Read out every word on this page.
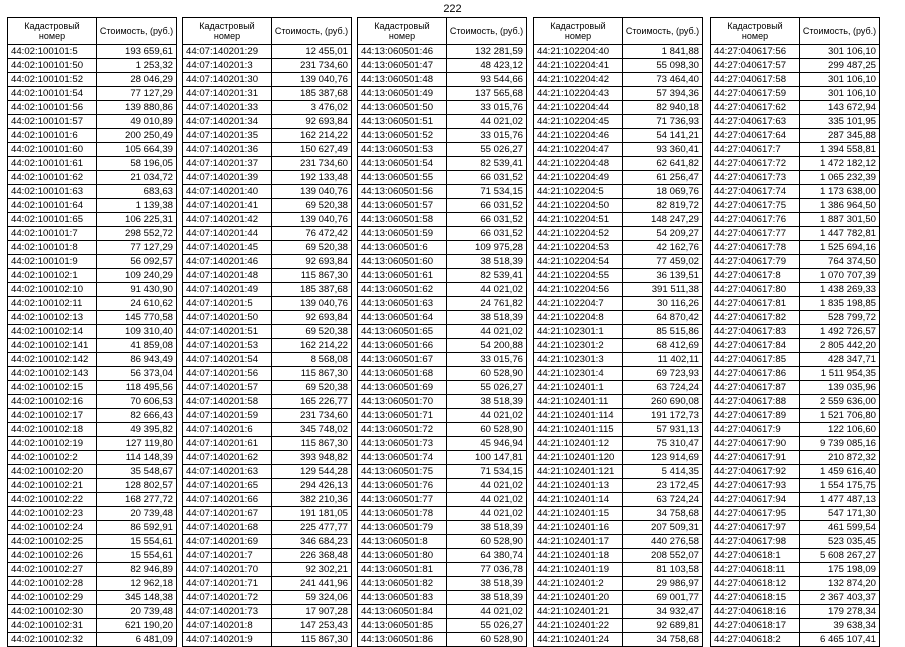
222
Кадастровый номер	Стоимость, (руб.)
44:02:100101:5	193 659,61
44:02:100101:50	1 253,32
44:02:100101:52	28 046,29
44:02:100101:54	77 127,29
44:02:100101:56	139 880,86
44:02:100101:57	49 010,89
44:02:100101:6	200 250,49
44:02:100101:60	105 664,39
44:02:100101:61	58 196,05
44:02:100101:62	21 034,72
44:02:100101:63	683,63
44:02:100101:64	1 139,38
44:02:100101:65	106 225,31
44:02:100101:7	298 552,72
44:02:100101:8	77 127,29
44:02:100101:9	56 092,57
44:02:100102:1	109 240,29
44:02:100102:10	91 430,90
44:02:100102:11	24 610,62
44:02:100102:13	145 770,58
44:02:100102:14	109 310,40
44:02:100102:141	41 859,08
44:02:100102:142	86 943,49
44:02:100102:143	56 373,04
44:02:100102:15	118 495,56
44:02:100102:16	70 606,53
44:02:100102:17	82 666,43
44:02:100102:18	49 395,82
44:02:100102:19	127 119,80
44:02:100102:2	114 148,39
44:02:100102:20	35 548,67
44:02:100102:21	128 802,57
44:02:100102:22	168 277,72
44:02:100102:23	20 739,48
44:02:100102:24	86 592,91
44:02:100102:25	15 554,61
44:02:100102:26	15 554,61
44:02:100102:27	82 946,89
44:02:100102:28	12 962,18
44:02:100102:29	345 148,38
44:02:100102:30	20 739,48
44:02:100102:31	621 190,20
44:02:100102:32	6 481,09
Кадастровый номер	Стоимость, (руб.)
44:07:140201:29	12 455,01
44:07:140201:3	231 734,60
44:07:140201:30	139 040,76
44:07:140201:31	185 387,68
44:07:140201:33	3 476,02
44:07:140201:34	92 693,84
44:07:140201:35	162 214,22
44:07:140201:36	150 627,49
44:07:140201:37	231 734,60
44:07:140201:39	192 133,48
44:07:140201:40	139 040,76
44:07:140201:41	69 520,38
44:07:140201:42	139 040,76
44:07:140201:44	76 472,42
44:07:140201:45	69 520,38
44:07:140201:46	92 693,84
44:07:140201:48	115 867,30
44:07:140201:49	185 387,68
44:07:140201:5	139 040,76
44:07:140201:50	92 693,84
44:07:140201:51	69 520,38
44:07:140201:53	162 214,22
44:07:140201:54	8 568,08
44:07:140201:56	115 867,30
44:07:140201:57	69 520,38
44:07:140201:58	165 226,77
44:07:140201:59	231 734,60
44:07:140201:6	345 748,02
44:07:140201:61	115 867,30
44:07:140201:62	393 948,82
44:07:140201:63	129 544,28
44:07:140201:65	294 426,13
44:07:140201:66	382 210,36
44:07:140201:67	191 181,05
44:07:140201:68	225 477,77
44:07:140201:69	346 684,23
44:07:140201:7	226 368,48
44:07:140201:70	92 302,21
44:07:140201:71	241 441,96
44:07:140201:72	59 324,06
44:07:140201:73	17 907,28
44:07:140201:8	147 253,43
44:07:140201:9	115 867,30
Кадастровый номер	Стоимость, (руб.)
44:13:060501:46	132 281,59
44:13:060501:47	48 423,12
44:13:060501:48	93 544,66
44:13:060501:49	137 565,68
44:13:060501:50	33 015,76
44:13:060501:51	44 021,02
44:13:060501:52	33 015,76
44:13:060501:53	55 026,27
44:13:060501:54	82 539,41
44:13:060501:55	66 031,52
44:13:060501:56	71 534,15
44:13:060501:57	66 031,52
44:13:060501:58	66 031,52
44:13:060501:59	66 031,52
44:13:060501:6	109 975,28
44:13:060501:60	38 518,39
44:13:060501:61	82 539,41
44:13:060501:62	44 021,02
44:13:060501:63	24 761,82
44:13:060501:64	38 518,39
44:13:060501:65	44 021,02
44:13:060501:66	54 200,88
44:13:060501:67	33 015,76
44:13:060501:68	60 528,90
44:13:060501:69	55 026,27
44:13:060501:70	38 518,39
44:13:060501:71	44 021,02
44:13:060501:72	60 528,90
44:13:060501:73	45 946,94
44:13:060501:74	100 147,81
44:13:060501:75	71 534,15
44:13:060501:76	44 021,02
44:13:060501:77	44 021,02
44:13:060501:78	44 021,02
44:13:060501:79	38 518,39
44:13:060501:8	60 528,90
44:13:060501:80	64 380,74
44:13:060501:81	77 036,78
44:13:060501:82	38 518,39
44:13:060501:83	38 518,39
44:13:060501:84	44 021,02
44:13:060501:85	55 026,27
44:13:060501:86	60 528,90
Кадастровый номер	Стоимость, (руб.)
44:21:102204:40	1 841,88
44:21:102204:41	55 098,30
44:21:102204:42	73 464,40
44:21:102204:43	57 394,36
44:21:102204:44	82 940,18
44:21:102204:45	71 736,93
44:21:102204:46	54 141,21
44:21:102204:47	93 360,41
44:21:102204:48	62 641,82
44:21:102204:49	61 256,47
44:21:102204:5	18 069,76
44:21:102204:50	82 819,72
44:21:102204:51	148 247,29
44:21:102204:52	54 209,27
44:21:102204:53	42 162,76
44:21:102204:54	77 459,02
44:21:102204:55	36 139,51
44:21:102204:56	391 511,38
44:21:102204:7	30 116,26
44:21:102204:8	64 870,42
44:21:102301:1	85 515,86
44:21:102301:2	68 412,69
44:21:102301:3	11 402,11
44:21:102301:4	69 723,93
44:21:102401:1	63 724,24
44:21:102401:11	260 690,08
44:21:102401:114	191 172,73
44:21:102401:115	57 931,13
44:21:102401:12	75 310,47
44:21:102401:120	123 914,69
44:21:102401:121	5 414,35
44:21:102401:13	23 172,45
44:21:102401:14	63 724,24
44:21:102401:15	34 758,68
44:21:102401:16	207 509,31
44:21:102401:17	440 276,58
44:21:102401:18	208 552,07
44:21:102401:19	81 103,58
44:21:102401:2	29 986,97
44:21:102401:20	69 001,77
44:21:102401:21	34 932,47
44:21:102401:22	92 689,81
44:21:102401:24	34 758,68
Кадастровый номер	Стоимость, (руб.)
44:27:040617:56	301 106,10
44:27:040617:57	299 487,25
44:27:040617:58	301 106,10
44:27:040617:59	301 106,10
44:27:040617:62	143 672,94
44:27:040617:63	335 101,95
44:27:040617:64	287 345,88
44:27:040617:7	1 394 558,81
44:27:040617:72	1 472 182,12
44:27:040617:73	1 065 232,39
44:27:040617:74	1 173 638,00
44:27:040617:75	1 386 964,50
44:27:040617:76	1 887 301,50
44:27:040617:77	1 447 782,81
44:27:040617:78	1 525 694,16
44:27:040617:79	764 374,50
44:27:040617:8	1 070 707,39
44:27:040617:80	1 438 269,33
44:27:040617:81	1 835 198,85
44:27:040617:82	528 799,72
44:27:040617:83	1 492 726,57
44:27:040617:84	2 805 442,20
44:27:040617:85	428 347,71
44:27:040617:86	1 511 954,35
44:27:040617:87	139 035,96
44:27:040617:88	2 559 636,00
44:27:040617:89	1 521 706,80
44:27:040617:9	122 106,60
44:27:040617:90	9 739 085,16
44:27:040617:91	210 872,32
44:27:040617:92	1 459 616,40
44:27:040617:93	1 554 175,75
44:27:040617:94	1 477 487,13
44:27:040617:95	547 171,30
44:27:040617:97	461 599,54
44:27:040617:98	523 035,45
44:27:040618:1	5 608 267,27
44:27:040618:11	175 198,09
44:27:040618:12	132 874,20
44:27:040618:15	2 367 403,37
44:27:040618:16	179 278,34
44:27:040618:17	39 638,34
44:27:040618:2	6 465 107,41
